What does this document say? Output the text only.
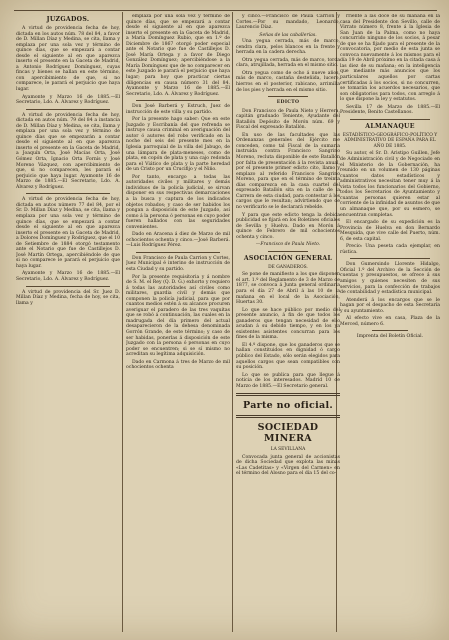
JUZGADOS.

A virtud de providencia fecha de hoy, dictada en los autos núm. 78 del 84, a favor de D. Millan Díaz y Medina, se cita, llama y emplaza por una sola vez y término de quince días, que se empezará a contar desde el siguiente al en que aparezca inserto el presente en la Gaceta de Madrid, a Antonio Rodríguez Domínguez, cuyas fincas y bienes se hallan en este término, con apercibimiento de que, si no comparece, le parará el perjuicio que haya lugar.

Ayamonte y Marzo 16 de 1885.—El Secretario, Ldo. A. Álvarez y Rodríguez.

A virtud de providencia fecha de hoy, dictada en autos núm. 79 del 84 a instancia de D. Millan Díaz y Medina, se cita, llama y emplaza por una sola vez y término de quince días que se empezarán a contar desde el siguiente al en que aparezca inserto el presente en la Gaceta de Madrid, a Joaquín Orta, José Macías Orta, José Gómez Orta, Ignacio Orta Fornís y José Moreno Vázquez, con apercibimiento de que, si no comparecen, les parará el perjuicio que haya lugar. Ayamonte 16 de Marzo de 1885.—El Secretario, Ldo. A. Álvarez y Rodríguez.

A virtud de providencia fecha de hoy, dictada en autos número 77 del 84, por el Sr. D. Millan Díaz y Medina, se cita, llama y emplaza por una sola vez y término de quince días, que se empezará a contar desde el siguiente al en que aparezca inserto el presente en la Gaceta de Madrid, a Dolores Domínguez y Rodríguez, que el 10 de Setiembre de 1884 otorgó testamento ante el Notario que fue de Castillejos D. José Martín Ortega, apercibiéndole de que si no comparece le parará el perjuicio que haya lugar.

Ayamonte y Marzo 16 de 1885.—El Secretario, Ldo. A. Álvarez y Rodríguez.

A virtud de providencia del Sr. Juez D. Millan Díaz y Medina, fecha de hoy, se cita, llama y

emplaza por una sola vez y término de quince días, que se empezará a contar desde el siguiente al en que aparezca inserto el presente en la Gaceta de Madrid, a María Domínguez Rubio, que en 1.º de Diciembre de 1867 otorgó poder especial ante el Notario que fue de Castillejos D. José María Ortega y a favor de Diego González Domínguez; apercibiéndose a la María Domínguez que de no comparecer en este Juzgado le parará el perjuicio que haya lugar; para hoy que practicar ciertas diligencias en causa número 31 del 84. Ayamonte y Marzo 16 de 1885.—El Secretario, Ldo. A. Álvarez y Rodríguez.

Don José Barberá y Estruch, Juez de instrucción de este villa y su partido.

Por la presente hago saber: Que en este Juzgado y Escribanía del que refrenda se instruye causa criminal en averiguación del autor ó autores del robo verificado en la noche del seis del presente mes en la Iglesia parroquial de la villa del Jabugo, de una lámpara de plata-meneses, como de plata, en copón de plata y una cajo redonda para el Viático de plata y la parte heredad de un Cristo por un Crucifijo y el Niño.

Por tanto, encargo a todas las autoridades civiles y militares y demás individuos de la policía judicial, se sirvan disponer en sus respectivas demarcaciones a la busca y captura de los indicados objetos robados; y caso de ser habidos los pongan a disposición de este Juzgado, así como á la persona ó personas en cuyo poder fueren hallados con las seguridades convenientes.

Dado en Aracena á diez de Marzo de mil ochocientos ochenta y cinco.—José Barberá.—Luis Rodríguez Pérez.

Don Francisco de Paula Carrion y Cortes, Juez Municipal é interino de instrucción de esta Ciudad y su partido.

Por la presente requisitoria y á nombre de S. M. el Rey (Q. D. G.) exhorto y requiero á todas las autoridades así civiles como militares, guardia civil y demás que componen la policía judicial, para que por cuantos medios estén á su alcance procuren averiguar el paradero de las tres vaquitas que se robó á continuación, las cuales en la madrugada del día primero del actual desaparecieron de la dehesa denominada Gorrón Grande, de este término; y caso de ser habidas, ponerlas á disposición de este Juzgado con la persona ó personas en cuyo poder se encuentren; si se sí mismo no acreditan su legítima adquisición.

Dado en Carmona á tres de Marzo de mil ochocientos ochenta

y cinco.—Francisco de Paula Carrion y Cortes.—Por su mandado, Leonardo, Laurencio Díaz.

Señas de las caballerías.

Una yegua cerrada, más de marco, cendra clara, pelos blancos en la frente y herrada en la cadera derecha.

Otra yegua cerrada, más de marco, torda clara, atrujillada, herrada en el mismo sitio.

Otra yegua como de ocho á nueve años, más de marco, castaña desteñida, lucero, hierros en el posterior, rabicano, arrimilla de los pies y herrada en el mismo sitio.

EDICTO

Don Francisco de Paula Nieto y Herrera, capitán graduado Teniente, Ayudante del Batallón Depósito de Morón núm. 69 y Fiscal del expresado Batallón.

En uso de las facultades que las Ordenanzas generales del Ejército me conceden, como tal Fiscal de la sumaria instruida contra Francisco Sangrino Moreno, recluta disponible de este Batallón por falta de presentación á la revista anual, por el presente primer edicto cito, llamo y emplazo al referido Francisco Sangrino Moreno, para que en el término de treinta días comparezca en la casa cuartel del expresado Batallón sita en la calle de la Carrera de esta ciudad, para contestar á los cargos que le resultan; advirtiendo que de no verificarlo se le declarará rebelde.

Y para que este edicto tenga la debida publicidad se fijará en los Boletines oficiales de Sevilla y Huelva. Dado en Morón á quince de Febrero de mil ochocientos ochenta y cinco.

—Francisco de Paula Nieto.
ASOCIACIÓN GENERAL
DE GANADEROS.

Se pone de manifiesto a los que disponen el art. 1.º del Reglamento de 3 de Marzo de 1877, se convoca á Junta general ordinaria para el día 27 de Abril á las 10 de la mañana en el local de la Asociación, Huertas 30.

Lo que se hace público por medio del presente anuncio, á fin de que todos los ganaderos que tengan necesidad de ello acudan á su debido tiempo, y en los ya existentes asistentes concurran para los fines de la misma.

El 4.º dispone, que los ganaderos que se hallan constituidos en dignidad ó cargo público del Estado, sólo serán elegidos para aquellos cargos que sean compatibles con su posición.

Lo que se publica para que llegue á noticia de los interesados. Madrid 10 de Marzo de 1885.—El Secretario general.

Parte no oficial.
SOCIEDAD MINERA
LA SEVILLANA

Convocada junta general de accionistas de dicha Sociedad que explota las minas «Las Cadetitas» y «Virgen del Carmen» en el término del Alosno para el día 15 del co-

rriente á las doce de su mañana en la casa del Presidente don Sevillo, calle de Virrato número 8, frente á la Iglesia de San Juan de la Palma, como no haya concurrido ninguno de los socios, á pesar de que se ha fijado para el presente de la convocatoria, por medio de esta junta se convoca nuevamente á los mismos para el día 19 de Abril próximo en la citada casa á las diez de su mañana; en la inteligencia que mediante más anuncios que los particulares aquellos por cartas certificadas á los socios, si no concurren, se tomarán los acuerdos necesarios, que son obligatorios para todos, con arreglo á lo que dispone la ley y estatutos.

Sevilla 17 de Marzo de 1885.—El Presidente, Benito Castellanos.

ALMANAQUE
ESTADÍSTICO-GEOGRÁFICO-POLÍTICO Y ADMINISTRATIVO DE ESPAÑA PARA EL AÑO DE 1885.

Su autor, el Sr. D. Aristipo Guillen, Jefe de Administración civil y de Negociado en el Ministerio de la Gobernación, ha reunido en un volumen de 130 páginas cuantos datos estadísticos y administrativos necesitan tener muy á la vista todos los funcionarios del Gobierno, todos los Secretarios de Ayuntamiento y cuantas personas quieren estar al corriente de la infinidad de asuntos de que un almanaque que, por su esmero, se encuentran completas.

El encargado de su expedición es la Provincia de Huelva en don Bernardo Mesquida, que vive calle del Puerto, núm. 6, de esta capital.

Precio: Una peseta cada ejemplar, en rústica.

Don Gumersindo Llorente Hidalgo, Oficial 1.º del Archivo de la Sección de cuentas y presupuestos, se ofrece á sus amigos y quienes necesiten de sus servicios, para la confección de trabajos de contabilidad y estadística municipal.

Atenderá á los encargos que se le hagan por el despacho de esta Secretaría y su ayuntamiento.

Al efecto vive en casa, Plaza de la Merced, número 6.

Imprenta del Boletín Oficial.
